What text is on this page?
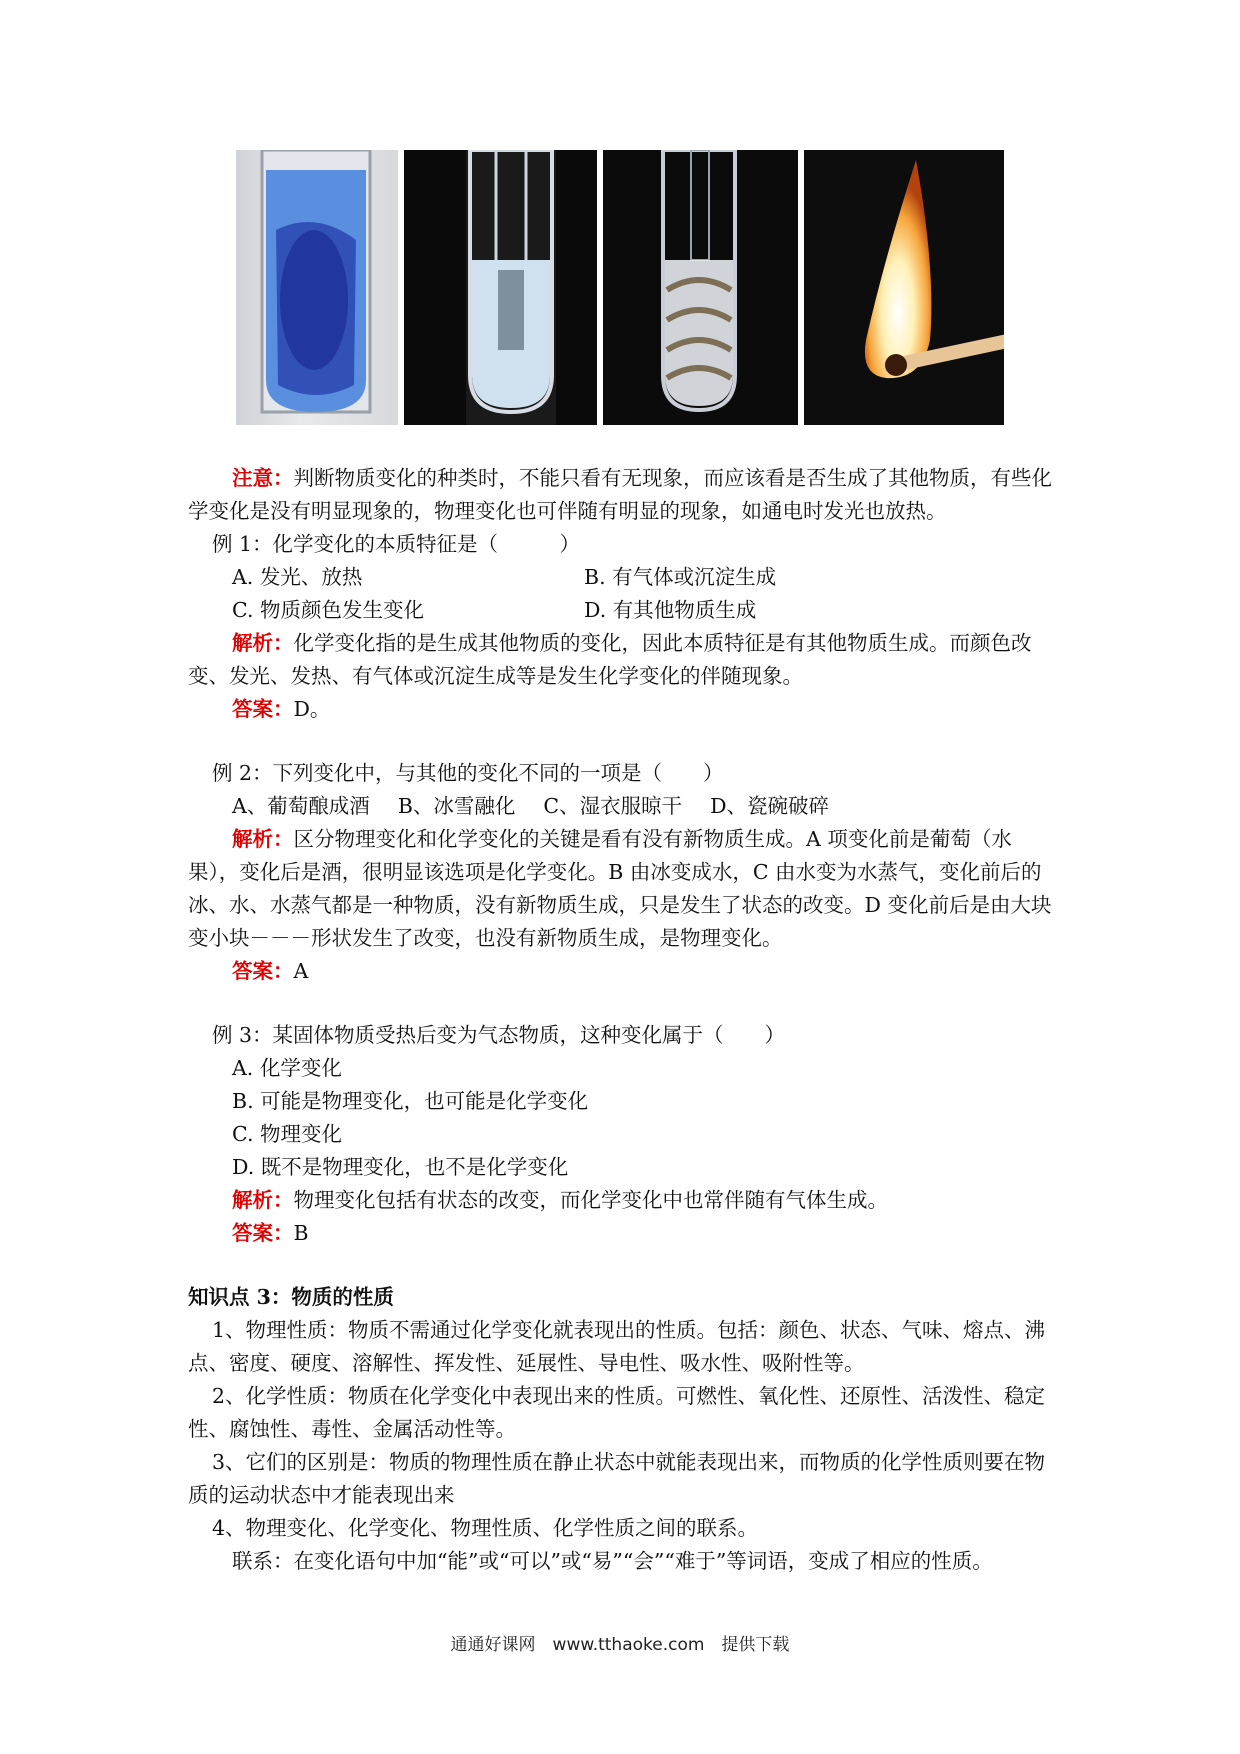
注意：判断物质变化的种类时，不能只看有无现象，而应该看是否生成了其他物质，有些化学变化是没有明显现象的，物理变化也可伴随有明显的现象，如通电时发光也放热。

例 1：化学变化的本质特征是（　　　）

A. 发光、放热	B. 有气体或沉淀生成
C. 物质颜色发生变化	D. 有其他物质生成

解析：化学变化指的是生成其他物质的变化，因此本质特征是有其他物质生成。而颜色改变、发光、发热、有气体或沉淀生成等是发生化学变化的伴随现象。

答案：D。

例 2：下列变化中，与其他的变化不同的一项是（　　）

A、葡萄酿成酒 B、冰雪融化 C、湿衣服晾干 D、瓷碗破碎

解析：区分物理变化和化学变化的关键是看有没有新物质生成。A 项变化前是葡萄（水果），变化后是酒，很明显该选项是化学变化。B 由冰变成水，C 由水变为水蒸气，变化前后的冰、水、水蒸气都是一种物质，没有新物质生成，只是发生了状态的改变。D 变化前后是由大块变小块－－－形状发生了改变，也没有新物质生成，是物理变化。

答案：A

例 3：某固体物质受热后变为气态物质，这种变化属于（　　）

A. 化学变化

B. 可能是物理变化，也可能是化学变化

C. 物理变化

D. 既不是物理变化，也不是化学变化

解析：物理变化包括有状态的改变，而化学变化中也常伴随有气体生成。

答案：B

知识点 3：物质的性质

1、物理性质：物质不需通过化学变化就表现出的性质。包括：颜色、状态、气味、熔点、沸点、密度、硬度、溶解性、挥发性、延展性、导电性、吸水性、吸附性等。

2、化学性质：物质在化学变化中表现出来的性质。可燃性、氧化性、还原性、活泼性、稳定性、腐蚀性、毒性、金属活动性等。

3、它们的区别是：物质的物理性质在静止状态中就能表现出来，而物质的化学性质则要在物质的运动状态中才能表现出来

4、物理变化、化学变化、物理性质、化学性质之间的联系。

联系：在变化语句中加“能”或“可以”或“易”“会”“难于”等词语，变成了相应的性质。

通通好课网　www.tthaoke.com　提供下载
